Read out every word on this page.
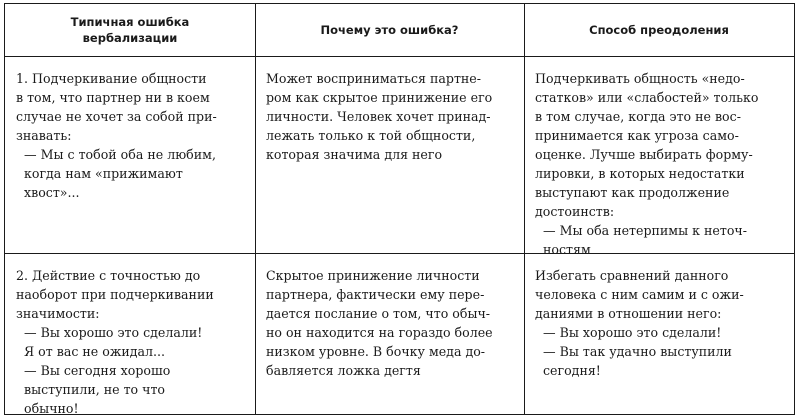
Типичная ошибка
вербализации
Почему это ошибка?	Способ преодоления

1. Подчеркивание общности

в том, что партнер ни в коем

случае не хочет за собой при-

знавать:

— Мы с тобой оба не любим,
когда нам «прижимают
хвост»...

Может восприниматься партне-

ром как скрытое принижение его

личности. Человек хочет принад-

лежать только к той общности,

которая значима для него

Подчеркивать общность «недо-

статков» или «слабостей» только

в том случае, когда это не вос-

принимается как угроза само-

оценке. Лучше выбирать форму-

лировки, в которых недостатки

выступают как продолжение

достоинств:

— Мы оба нетерпимы к неточ-
ностям

2. Действие с точностью до

наоборот при подчеркивании

значимости:

— Вы хорошо это сделали!
Я от вас не ожидал...
— Вы сегодня хорошо
выступили, не то что
обычно!

Скрытое принижение личности

партнера, фактически ему пере-

дается послание о том, что обыч-

но он находится на гораздо более

низком уровне. В бочку меда до-

бавляется ложка дегтя

Избегать сравнений данного

человека с ним самим и с ожи-

даниями в отношении него:

— Вы хорошо это сделали!
— Вы так удачно выступили
сегодня!
